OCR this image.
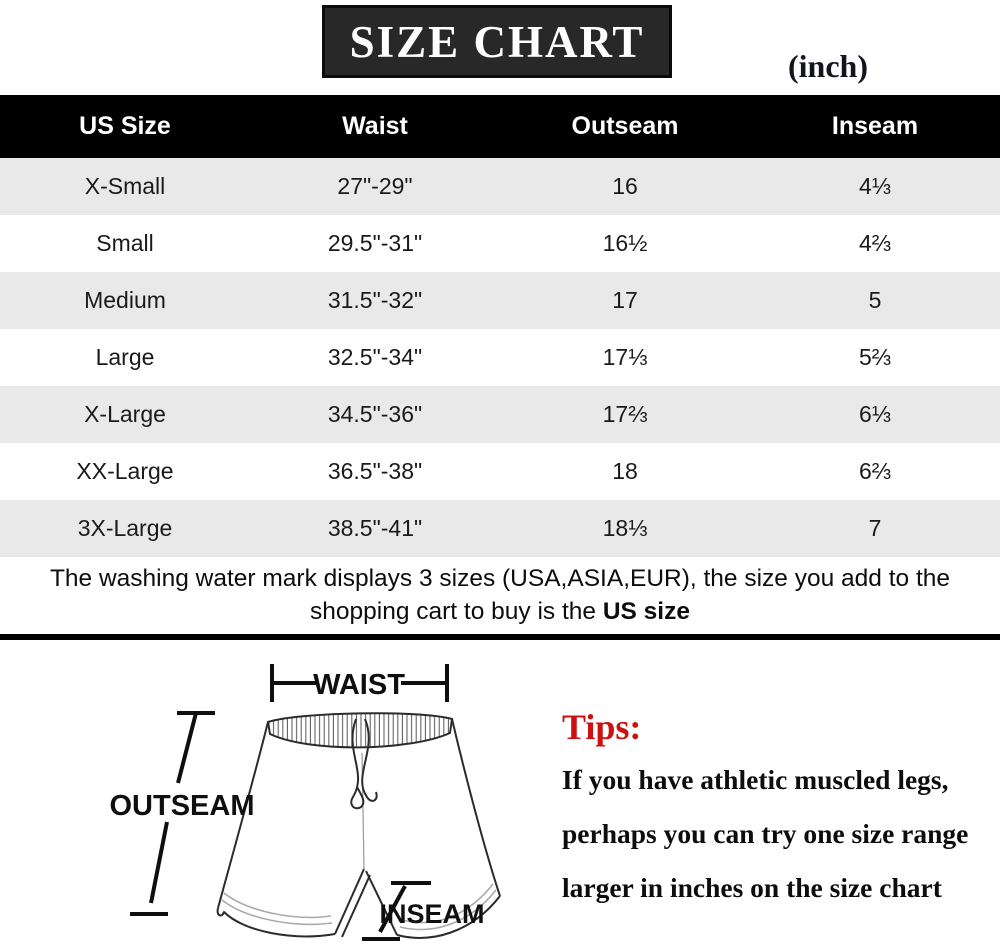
SIZE CHART	(inch)
US Size	Waist	Outseam	Inseam
X-Small	27"-29"	16	4⅓
Small	29.5"-31"	16½	4⅔
Medium	31.5"-32"	17	5
Large	32.5"-34"	17⅓	5⅔
X-Large	34.5"-36"	17⅔	6⅓
XX-Large	36.5"-38"	18	6⅔
3X-Large	38.5"-41"	18⅓	7
The washing water mark displays 3 sizes (USA,ASIA,EUR), the size you add to the
shopping cart to buy is the US size
WAIST
OUTSEAM
INSEAM
Tips:

If you have athletic muscled legs,

perhaps you can try one size range

larger in inches on the size chart
